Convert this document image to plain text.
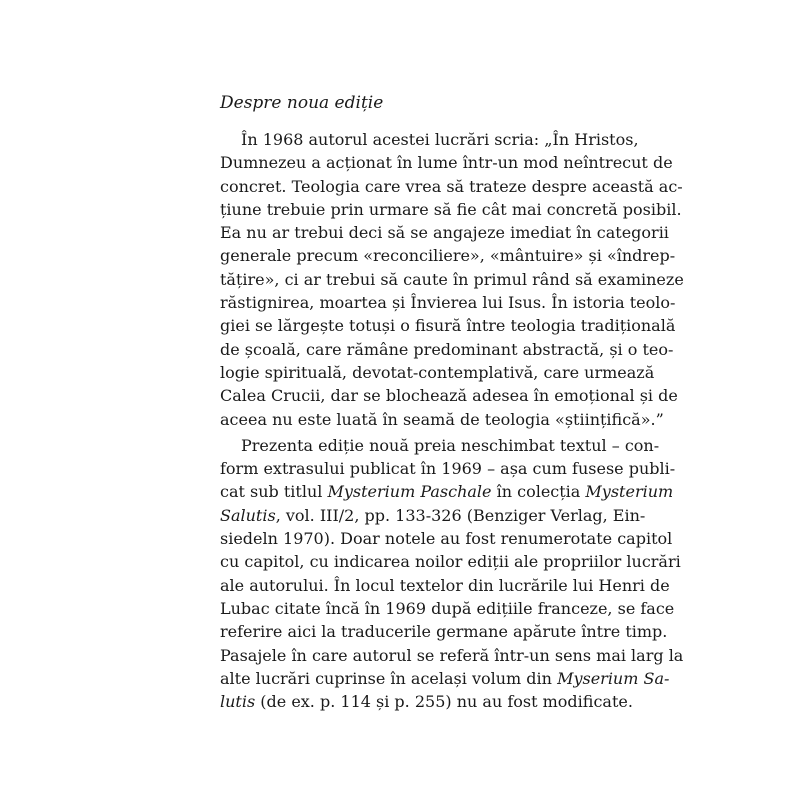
Despre noua ediție
În 1968 autorul acestei lucrări scria: „În Hristos,
Dumnezeu a acționat în lume într-un mod neîntrecut de
concret. Teologia care vrea să trateze despre această ac-
țiune trebuie prin urmare să fie cât mai concretă posibil.
Ea nu ar trebui deci să se angajeze imediat în categorii
generale precum «reconciliere», «mântuire» și «îndrep-
tățire», ci ar trebui să caute în primul rând să examineze
răstignirea, moartea și Învierea lui Isus. În istoria teolo-
giei se lărgește totuși o fisură între teologia tradițională
de școală, care rămâne predominant abstractă, și o teo-
logie spirituală, devotat-contemplativă, care urmează
Calea Crucii, dar se blochează adesea în emoțional și de
aceea nu este luată în seamă de teologia «științifică».”
Prezenta ediție nouă preia neschimbat textul – con-
form extrasului publicat în 1969 – așa cum fusese publi-
cat sub titlul Mysterium Paschale în colecția Mysterium
Salutis, vol. III/2, pp. 133-326 (Benziger Verlag, Ein-
siedeln 1970). Doar notele au fost renumerotate capitol
cu capitol, cu indicarea noilor ediții ale propriilor lucrări
ale autorului. În locul textelor din lucrările lui Henri de
Lubac citate încă în 1969 după edițiile franceze, se face
referire aici la traducerile germane apărute între timp.
Pasajele în care autorul se referă într-un sens mai larg la
alte lucrări cuprinse în același volum din Myserium Sa-
lutis (de ex. p. 114 și p. 255) nu au fost modificate.
